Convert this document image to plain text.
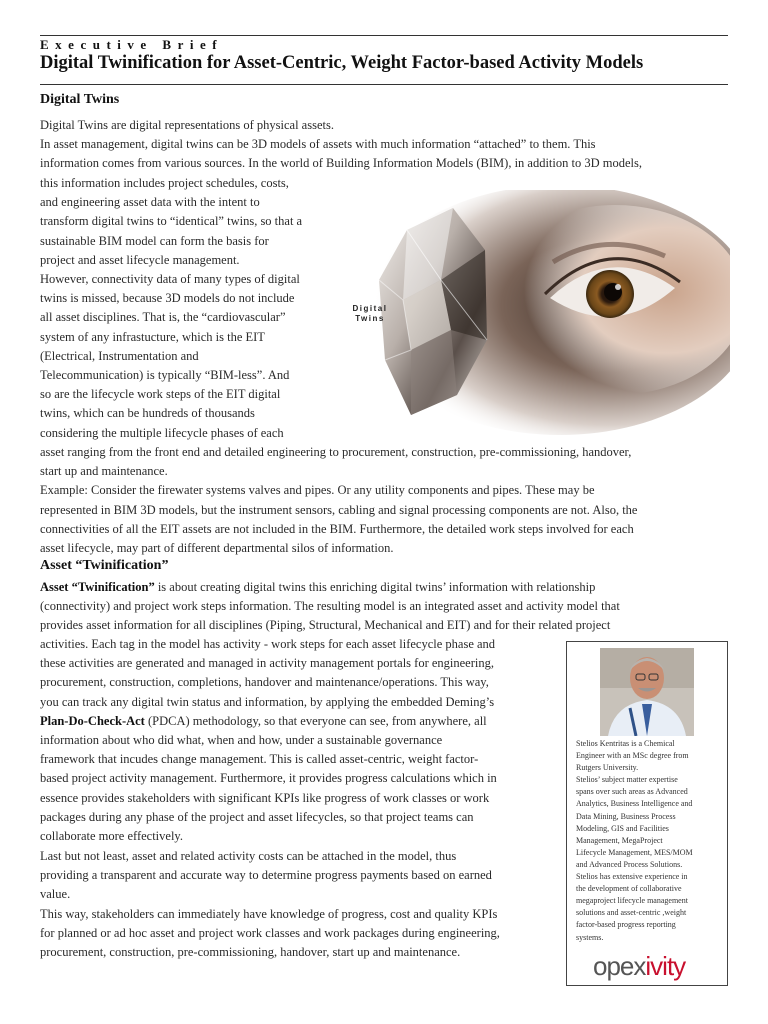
Executive Brief
Digital Twinification for Asset-Centric, Weight Factor-based Activity Models
Digital Twins

Digital Twins are digital representations of physical assets.

In asset management, digital twins can be 3D models of assets with much information “attached” to them. This

information comes from various sources. In the world of Building Information Models (BIM), in addition to 3D models,

this information includes project schedules, costs,

and engineering asset data with the intent to

transform digital twins to “identical” twins, so that a

sustainable BIM model can form the basis for

project and asset lifecycle management.

However, connectivity data of many types of digital

twins is missed, because 3D models do not include

all asset disciplines. That is, the “cardiovascular”

system of any infrastucture, which is the EIT

(Electrical, Instrumentation and

Telecommunication) is typically “BIM-less”. And

so are the lifecycle work steps of the EIT digital

twins, which can be hundreds of thousands

considering the multiple lifecycle phases of each

Digital
Twins

asset ranging from the front end and detailed engineering to procurement, construction, pre-commissioning, handover,

start up and maintenance.

Example: Consider the firewater systems valves and pipes. Or any utility components and pipes. These may be

represented in BIM 3D models, but the instrument sensors, cabling and signal processing components are not. Also, the

connectivities of all the EIT assets are not included in the BIM. Furthermore, the detailed work steps involved for each

asset lifecycle, may part of different departmental silos of information.

Asset “Twinification”

Asset “Twinification” is about creating digital twins this enriching digital twins’ information with relationship

(connectivity) and project work steps information. The resulting model is an integrated asset and activity model that

provides asset information for all disciplines (Piping, Structural, Mechanical and EIT) and for their related project

activities. Each tag in the model has activity - work steps for each asset lifecycle phase and

these activities are generated and managed in activity management portals for engineering,

procurement, construction, completions, handover and maintenance/operations. This way,

you can track any digital twin status and information, by applying the embedded Deming’s

Plan-Do-Check-Act (PDCA) methodology, so that everyone can see, from anywhere, all

information about who did what, when and how, under a sustainable governance

framework that incudes change management. This is called asset-centric, weight factor-

based project activity management. Furthermore, it provides progress calculations which in

essence provides stakeholders with significant KPIs like progress of work classes or work

packages during any phase of the project and asset lifecycles, so that project teams can

collaborate more effectively.

Last but not least, asset and related activity costs can be attached in the model, thus

providing a transparent and accurate way to determine progress payments based on earned

value.

This way, stakeholders can immediately have knowledge of progress, cost and quality KPIs

for planned or ad hoc asset and project work classes and work packages during engineering,

procurement, construction, pre-commissioning, handover, start up and maintenance.

Stelios Kentritas is a Chemical
Engineer with an MSc degree from
Rutgers University.
Stelios’ subject matter expertise
spans over such areas as Advanced
Analytics, Business Intelligence and
Data Mining, Business Process
Modeling, GIS and Facilities
Management, MegaProject
Lifecycle Management, MES/MOM
and Advanced Process Solutions.
Stelios has extensive experience in
the development of collaborative
megaproject lifecycle management
solutions and asset-centric ,weight
factor-based progress reporting
systems.
opexivity
